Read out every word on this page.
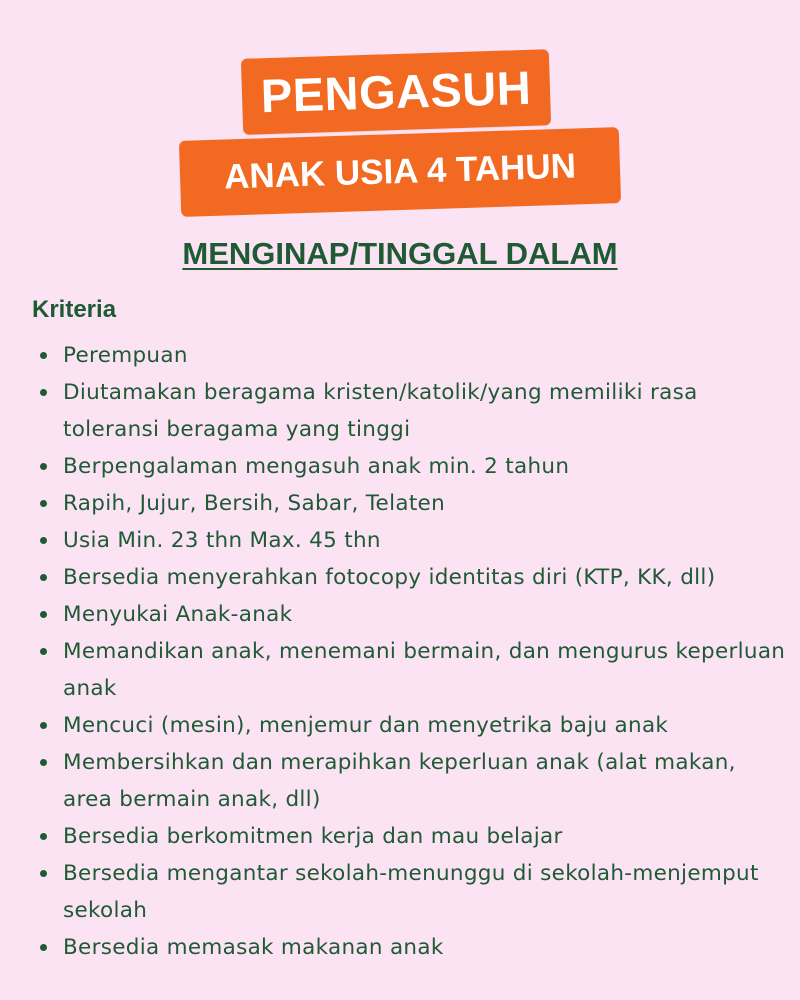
PENGASUH
ANAK USIA 4 TAHUN
MENGINAP/TINGGAL DALAM
Kriteria
Perempuan
Diutamakan beragama kristen/katolik/yang memiliki rasa toleransi beragama yang tinggi
Berpengalaman mengasuh anak min. 2 tahun
Rapih, Jujur, Bersih, Sabar, Telaten
Usia Min. 23 thn Max. 45 thn
Bersedia menyerahkan fotocopy identitas diri (KTP, KK, dll)
Menyukai Anak-anak
Memandikan anak, menemani bermain, dan mengurus keperluan anak
Mencuci (mesin), menjemur dan menyetrika baju anak
Membersihkan dan merapihkan keperluan anak (alat makan, area bermain anak, dll)
Bersedia berkomitmen kerja dan mau belajar
Bersedia mengantar sekolah-menunggu di sekolah-menjemput sekolah
Bersedia memasak makanan anak
